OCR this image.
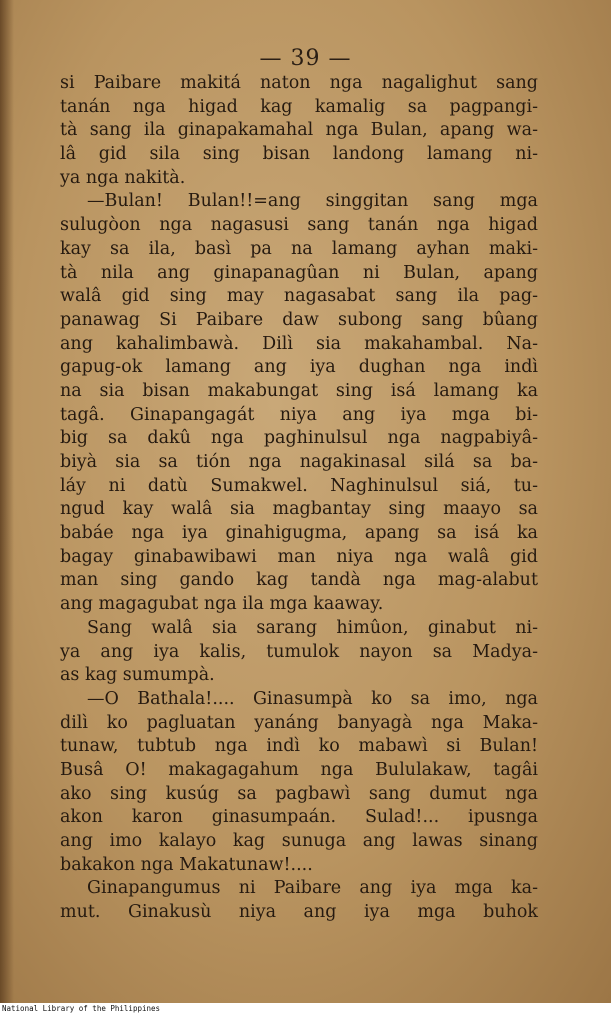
— 39 —
si Paibare makitá naton nga nagalighut sang
tanán nga higad kag kamalig sa pagpangi-
tà sang ila ginapakamahal nga Bulan, apang wa-
lâ gid sila sing bisan landong lamang ni-
ya nga nakità.
—Bulan! Bulan!!=ang singgitan sang mga
sulugòon nga nagasusi sang tanán nga higad
kay sa ila, basì pa na lamang ayhan maki-
tà nila ang ginapanagûan ni Bulan, apang
walâ gid sing may nagasabat sang ila pag-
panawag Si Paibare daw subong sang bûang
ang kahalimbawà. Dilì sia makahambal. Na-
gapug-ok lamang ang iya dughan nga indì
na sia bisan makabungat sing isá lamang ka
tagâ. Ginapangagát niya ang iya mga bi-
big sa dakû nga paghinulsul nga nagpabiyâ-
biyà sia sa tión nga nagakinasal silá sa ba-
láy ni datù Sumakwel. Naghinulsul siá, tu-
ngud kay walâ sia magbantay sing maayo sa
babáe nga iya ginahigugma, apang sa isá ka
bagay ginabawibawi man niya nga walâ gid
man sing gando kag tandà nga mag-alabut
ang magagubat nga ila mga kaaway.
Sang walâ sia sarang himûon, ginabut ni-
ya ang iya kalis, tumulok nayon sa Madya-
as kag sumumpà.
—O Bathala!.... Ginasumpà ko sa imo, nga
dilì ko pagluatan yanáng banyagà nga Maka-
tunaw, tubtub nga indì ko mabawì si Bulan!
Busâ O! makagagahum nga Bululakaw, tagâi
ako sing kusúg sa pagbawì sang dumut nga
akon karon ginasumpaán. Sulad!... ipusnga
ang imo kalayo kag sunuga ang lawas sinang
bakakon nga Makatunaw!....
Ginapangumus ni Paibare ang iya mga ka-
mut. Ginakusù niya ang iya mga buhok
National Library of the Philippines
